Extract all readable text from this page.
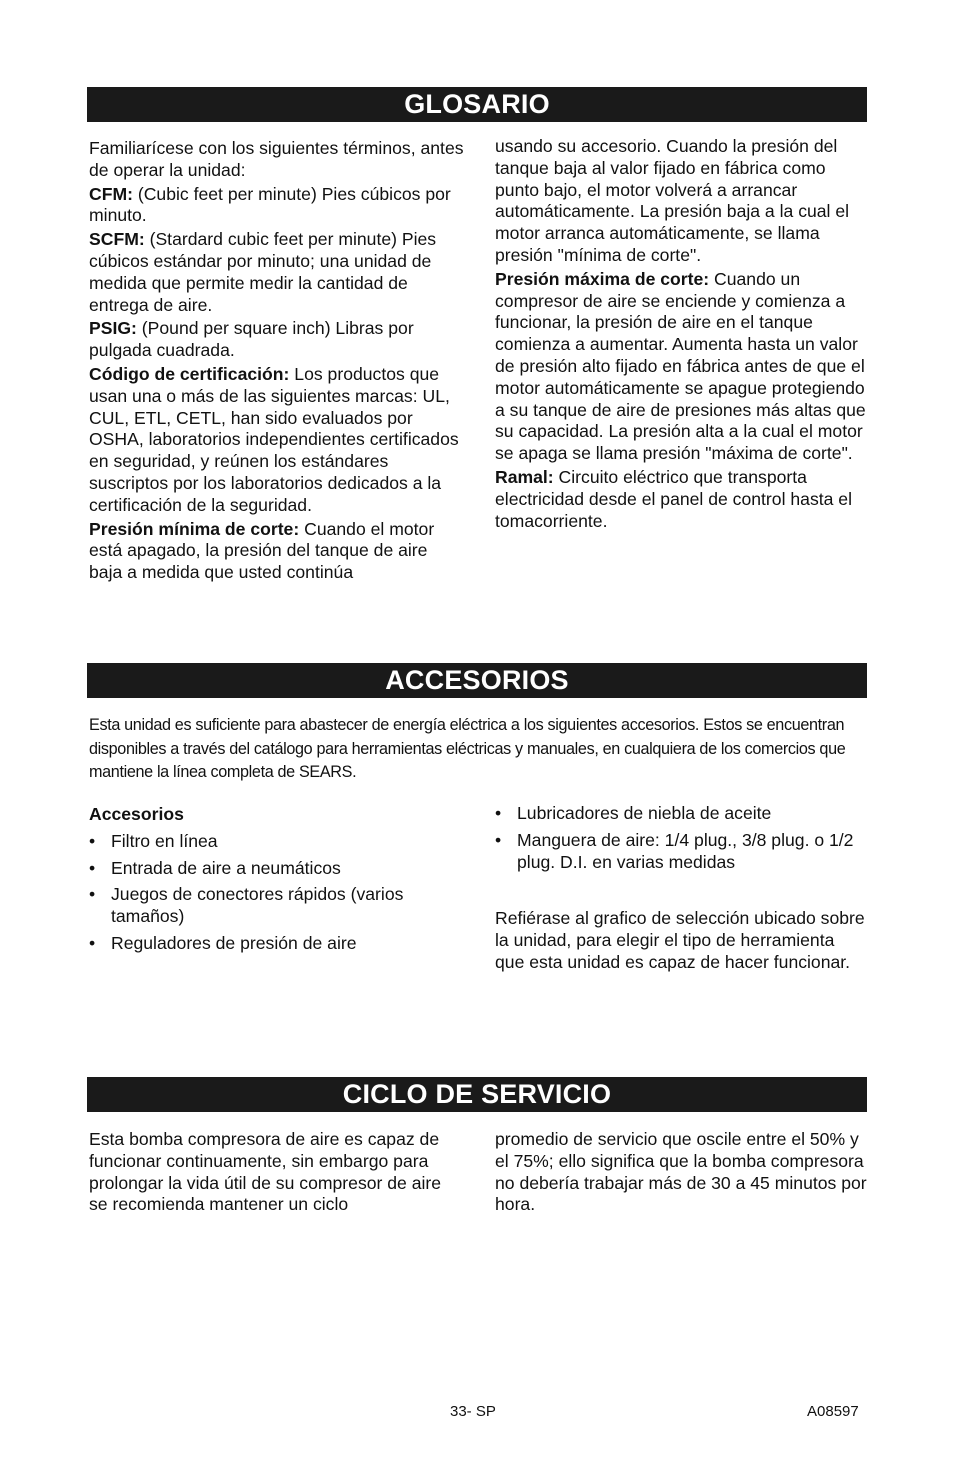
GLOSARIO

Familiarícese con los siguientes términos, antes de operar la unidad:

CFM: (Cubic feet per minute) Pies cúbicos por minuto.

SCFM: (Stardard cubic feet per minute) Pies cúbicos estándar por minuto; una unidad de medida que permite medir la cantidad de entrega de aire.

PSIG: (Pound per square inch) Libras por pulgada cuadrada.

Código de certificación: Los productos que usan una o más de las siguientes marcas: UL, CUL, ETL, CETL, han sido evaluados por OSHA, laboratorios independientes certificados en seguridad, y reúnen los estándares suscriptos por los laboratorios dedicados a la certificación de la seguridad.

Presión mínima de corte: Cuando el motor está apagado, la presión del tanque de aire baja a medida que usted continúa

usando su accesorio. Cuando la presión del tanque baja al valor fijado en fábrica como punto bajo, el motor volverá a arrancar automáticamente. La presión baja a la cual el motor arranca automáticamente, se llama presión "mínima de corte".

Presión máxima de corte: Cuando un compresor de aire se enciende y comienza a funcionar, la presión de aire en el tanque comienza a aumentar. Aumenta hasta un valor de presión alto fijado en fábrica antes de que el motor automáticamente se apague protegiendo a su tanque de aire de presiones más altas que su capacidad. La presión alta a la cual el motor se apaga se llama presión "máxima de corte".

Ramal: Circuito eléctrico que transporta electricidad desde el panel de control hasta el tomacorriente.

ACCESORIOS
Esta unidad es suficiente para abastecer de energía eléctrica a los siguientes accesorios. Estos se encuentran disponibles a través del catálogo para herramientas eléctricas y manuales, en cualquiera de los comercios que mantiene la línea completa de SEARS.

Accesorios

• Filtro en línea
• Entrada de aire a neumáticos
• Juegos de conectores rápidos (varios tamaños)
• Reguladores de presión de aire
• Lubricadores de niebla de aceite
• Manguera de aire: 1/4 plug., 3/8 plug. o 1/2 plug. D.I. en varias medidas
Refiérase al grafico de selección ubicado sobre la unidad, para elegir el tipo de herramienta que esta unidad es capaz de hacer funcionar.
CICLO DE SERVICIO
Esta bomba compresora de aire es capaz de funcionar continuamente, sin embargo para prolongar la vida útil de su compresor de aire se recomienda mantener un ciclo
promedio de servicio que oscile entre el 50% y el 75%; ello significa que la bomba compresora no debería trabajar más de 30 a 45 minutos por hora.
33- SP	A08597
